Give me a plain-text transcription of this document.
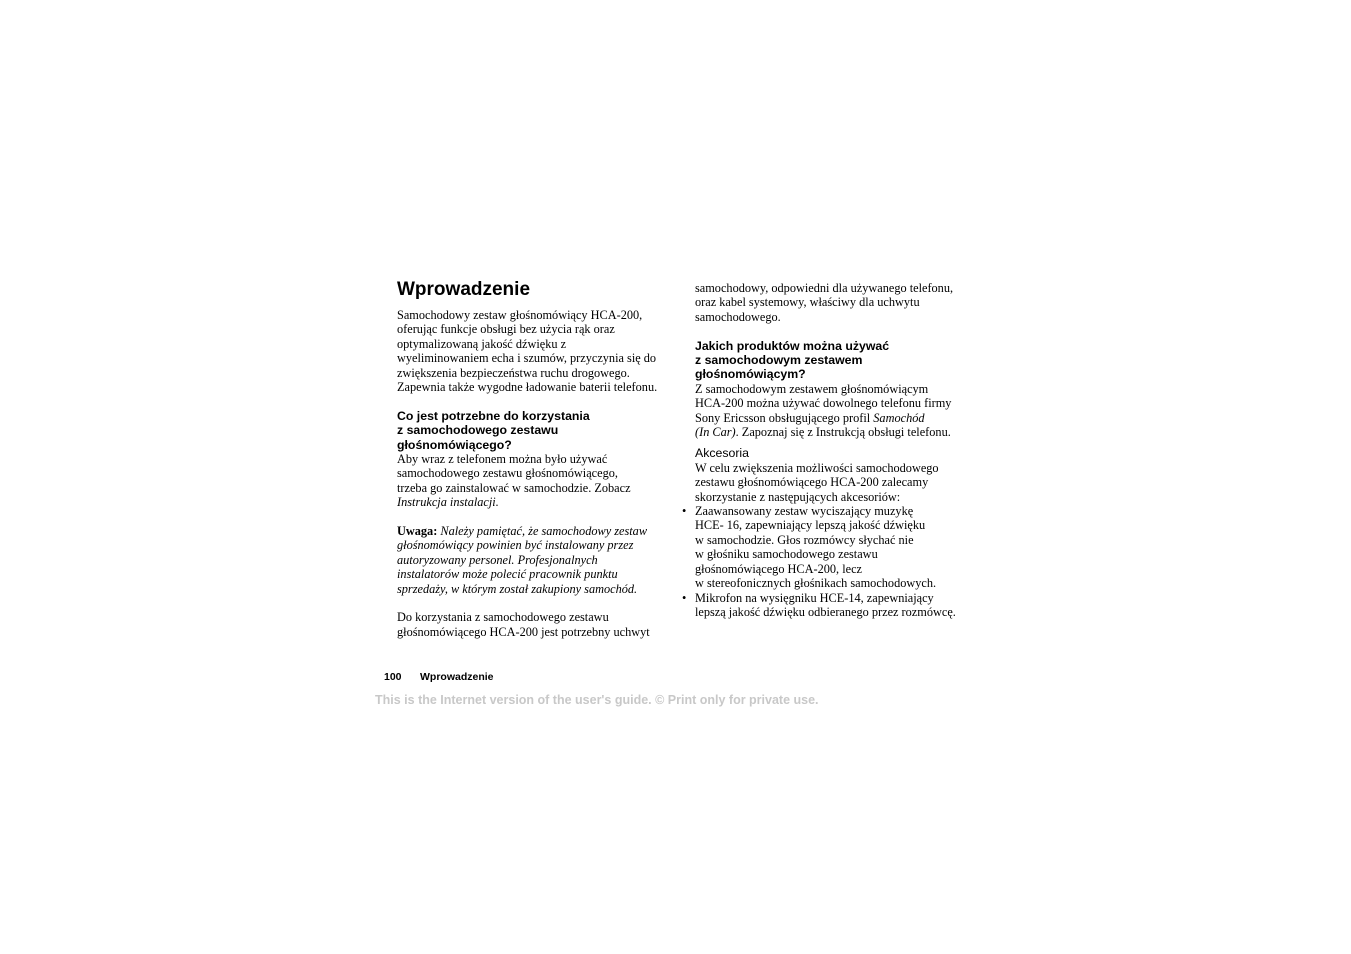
Wprowadzenie
Samochodowy zestaw głośnomówiący HCA-200,
oferując funkcje obsługi bez użycia rąk oraz
optymalizowaną jakość dźwięku z
wyeliminowaniem echa i szumów, przyczynia się do
zwiększenia bezpieczeństwa ruchu drogowego.
Zapewnia także wygodne ładowanie baterii telefonu.
Co jest potrzebne do korzystania
z samochodowego zestawu
głośnomówiącego?
Aby wraz z telefonem można było używać
samochodowego zestawu głośnomówiącego,
trzeba go zainstalować w samochodzie. Zobacz
Instrukcja instalacji.
Uwaga: Należy pamiętać, że samochodowy zestaw
głośnomówiący powinien być instalowany przez
autoryzowany personel. Profesjonalnych
instalatorów może polecić pracownik punktu
sprzedaży, w którym został zakupiony samochód.
Do korzystania z samochodowego zestawu
głośnomówiącego HCA-200 jest potrzebny uchwyt
samochodowy, odpowiedni dla używanego telefonu,
oraz kabel systemowy, właściwy dla uchwytu
samochodowego.
Jakich produktów można używać
z samochodowym zestawem
głośnomówiącym?
Z samochodowym zestawem głośnomówiącym
HCA-200 można używać dowolnego telefonu firmy
Sony Ericsson obsługującego profil Samochód
(In Car). Zapoznaj się z Instrukcją obsługi telefonu.
Akcesoria
W celu zwiększenia możliwości samochodowego
zestawu głośnomówiącego HCA-200 zalecamy
skorzystanie z następujących akcesoriów:
• Zaawansowany zestaw wyciszający muzykę
HCE- 16, zapewniający lepszą jakość dźwięku
w samochodzie. Głos rozmówcy słychać nie
w głośniku samochodowego zestawu
głośnomówiącego HCA-200, lecz
w stereofonicznych głośnikach samochodowych.
• Mikrofon na wysięgniku HCE-14, zapewniający
lepszą jakość dźwięku odbieranego przez rozmówcę.
100 Wprowadzenie
This is the Internet version of the user's guide. © Print only for private use.
